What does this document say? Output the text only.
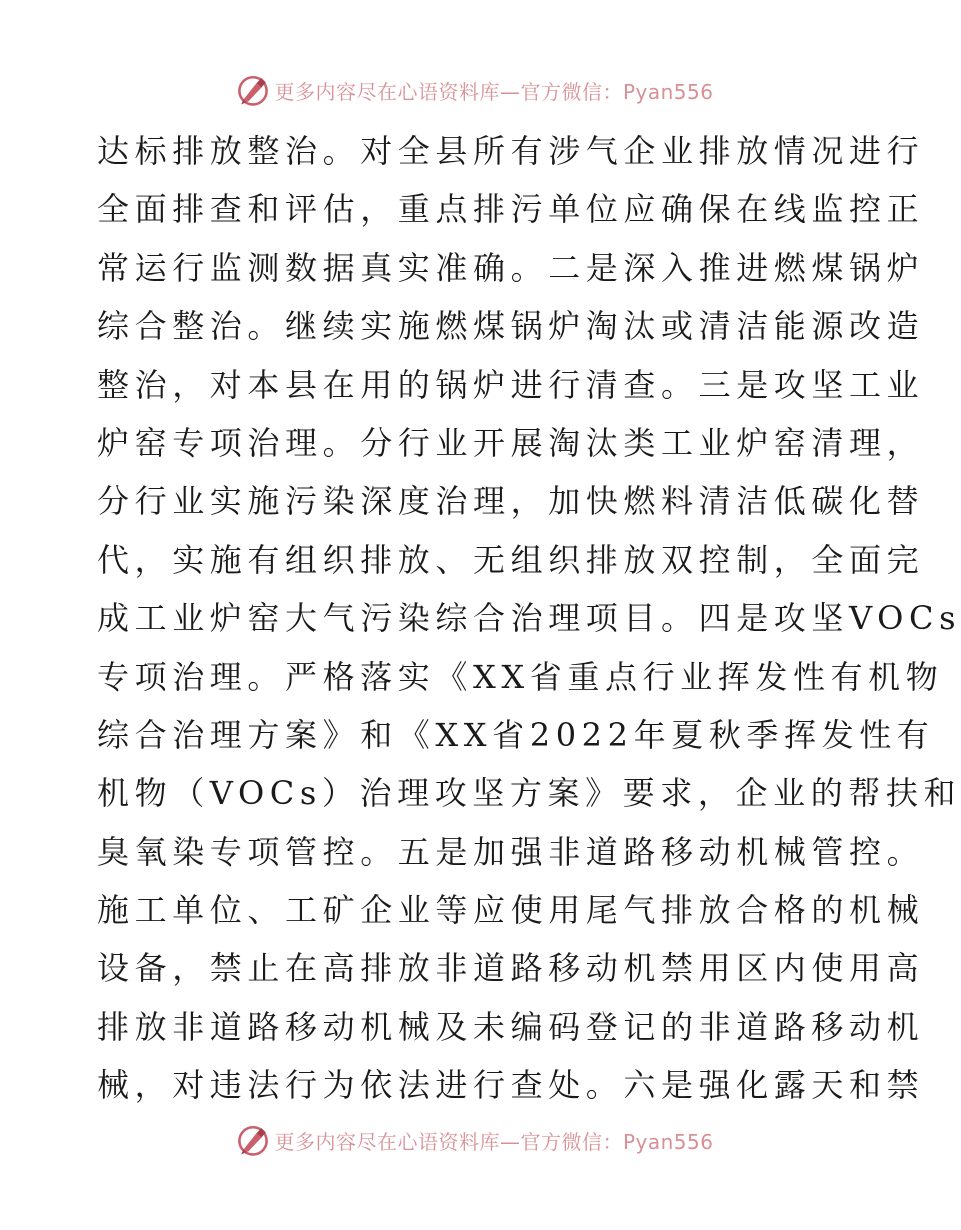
更多内容尽在心语资料库—官方微信：Pyan556
达标排放整治。对全县所有涉气企业排放情况进行
全面排查和评估，重点排污单位应确保在线监控正
常运行监测数据真实准确。二是深入推进燃煤锅炉
综合整治。继续实施燃煤锅炉淘汰或清洁能源改造
整治，对本县在用的锅炉进行清查。三是攻坚工业
炉窑专项治理。分行业开展淘汰类工业炉窑清理，
分行业实施污染深度治理，加快燃料清洁低碳化替
代，实施有组织排放、无组织排放双控制，全面完
成工业炉窑大气污染综合治理项目。四是攻坚VOCs
专项治理。严格落实《XX省重点行业挥发性有机物
综合治理方案》和《XX省2022年夏秋季挥发性有
机物（VOCs）治理攻坚方案》要求，企业的帮扶和
臭氧染专项管控。五是加强非道路移动机械管控。
施工单位、工矿企业等应使用尾气排放合格的机械
设备，禁止在高排放非道路移动机禁用区内使用高
排放非道路移动机械及未编码登记的非道路移动机
械，对违法行为依法进行查处。六是强化露天和禁
更多内容尽在心语资料库—官方微信：Pyan556
